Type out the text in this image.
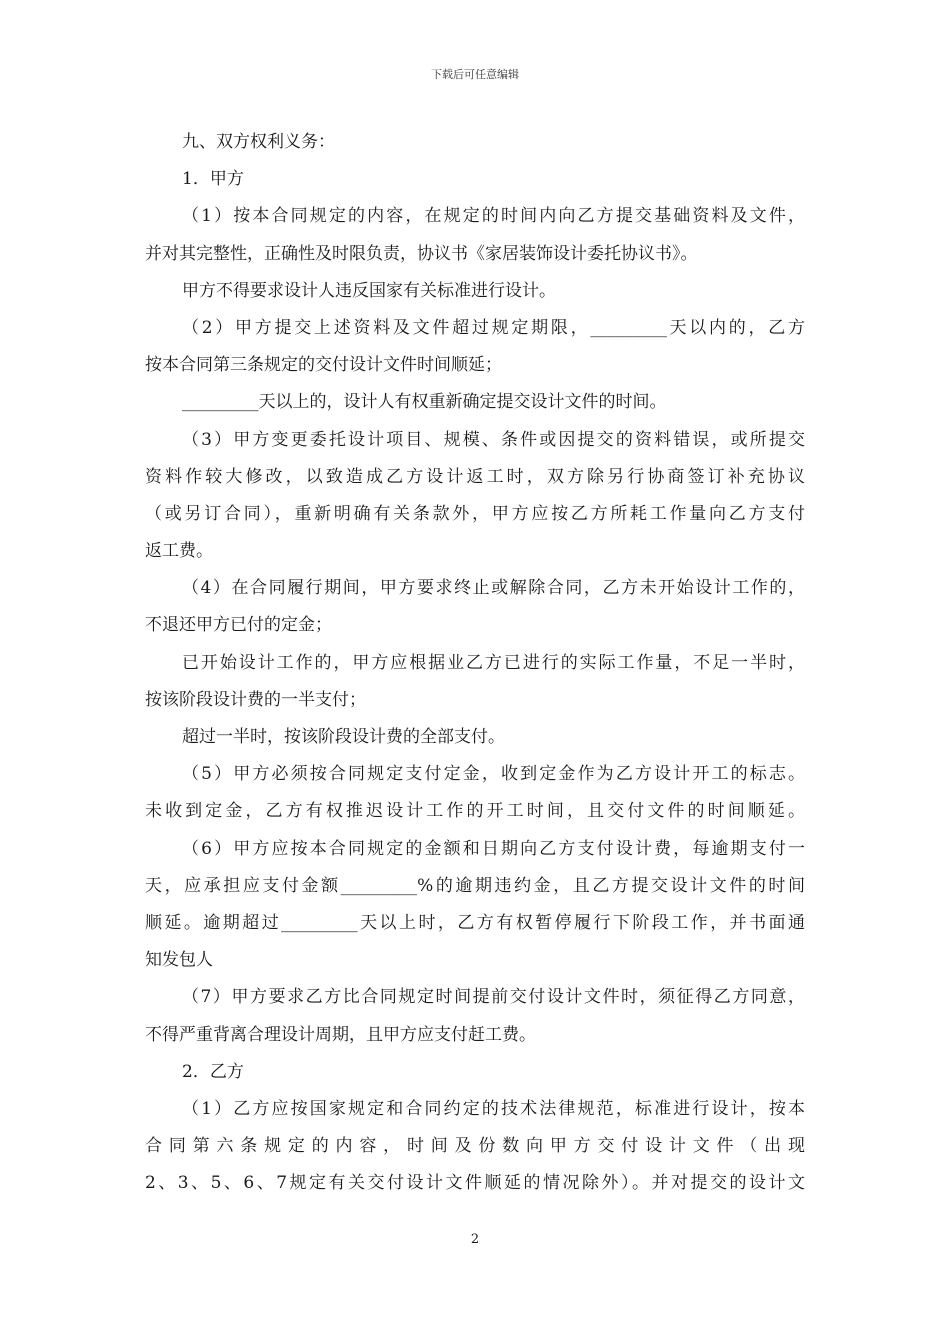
下载后可任意编辑
九、双方权利义务：
1．甲方
（1）按本合同规定的内容，在规定的时间内向乙方提交基础资料及文件，
并对其完整性，正确性及时限负责，协议书《家居装饰设计委托协议书》。
甲方不得要求设计人违反国家有关标准进行设计。
（2）甲方提交上述资料及文件超过规定期限，_________天以内的，乙方
按本合同第三条规定的交付设计文件时间顺延；
_________天以上的，设计人有权重新确定提交设计文件的时间。
（3）甲方变更委托设计项目、规模、条件或因提交的资料错误，或所提交
资料作较大修改，以致造成乙方设计返工时，双方除另行协商签订补充协议
（或另订合同），重新明确有关条款外，甲方应按乙方所耗工作量向乙方支付
返工费。
（4）在合同履行期间，甲方要求终止或解除合同，乙方未开始设计工作的，
不退还甲方已付的定金；
已开始设计工作的，甲方应根据业乙方已进行的实际工作量，不足一半时，
按该阶段设计费的一半支付；
超过一半时，按该阶段设计费的全部支付。
（5）甲方必须按合同规定支付定金，收到定金作为乙方设计开工的标志。
未收到定金，乙方有权推迟设计工作的开工时间，且交付文件的时间顺延。
（6）甲方应按本合同规定的金额和日期向乙方支付设计费，每逾期支付一
天，应承担应支付金额_________%的逾期违约金，且乙方提交设计文件的时间
顺延。逾期超过_________天以上时，乙方有权暂停履行下阶段工作，并书面通
知发包人
（7）甲方要求乙方比合同规定时间提前交付设计文件时，须征得乙方同意，
不得严重背离合理设计周期，且甲方应支付赶工费。
2．乙方
（1）乙方应按国家规定和合同约定的技术法律规范，标准进行设计，按本
合同第六条规定的内容，时间及份数向甲方交付设计文件（出现
2、3、5、6、7规定有关交付设计文件顺延的情况除外）。并对提交的设计文
2
